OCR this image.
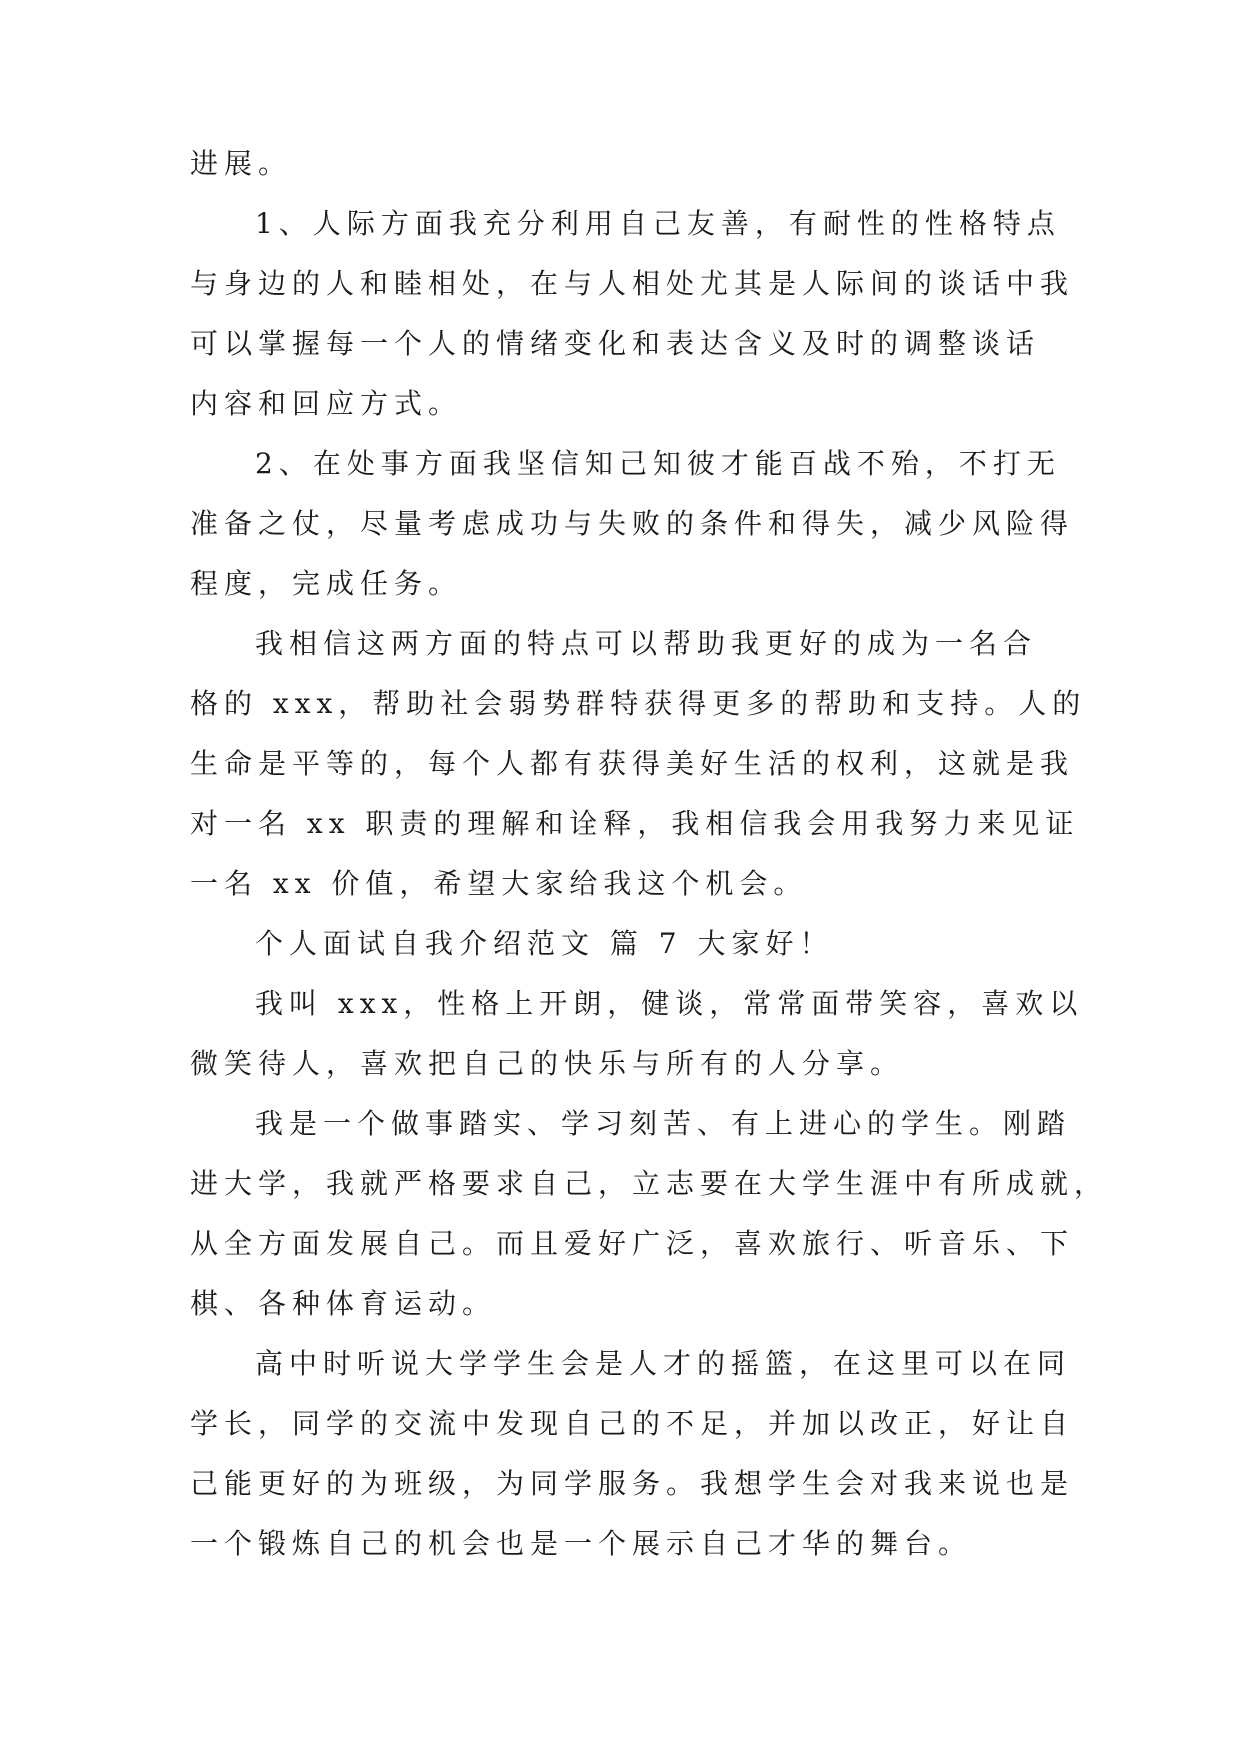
进展。
1、人际方面我充分利用自己友善，有耐性的性格特点
与身边的人和睦相处，在与人相处尤其是人际间的谈话中我
可以掌握每一个人的情绪变化和表达含义及时的调整谈话
内容和回应方式。
2、在处事方面我坚信知己知彼才能百战不殆，不打无
准备之仗，尽量考虑成功与失败的条件和得失，减少风险得
程度，完成任务。
我相信这两方面的特点可以帮助我更好的成为一名合
格的 xxx，帮助社会弱势群特获得更多的帮助和支持。人的
生命是平等的，每个人都有获得美好生活的权利，这就是我
对一名 xx 职责的理解和诠释，我相信我会用我努力来见证
一名 xx 价值，希望大家给我这个机会。
个人面试自我介绍范文 篇 7 大家好！
我叫 xxx，性格上开朗，健谈，常常面带笑容，喜欢以
微笑待人，喜欢把自己的快乐与所有的人分享。
我是一个做事踏实、学习刻苦、有上进心的学生。刚踏
进大学，我就严格要求自己，立志要在大学生涯中有所成就，
从全方面发展自己。而且爱好广泛，喜欢旅行、听音乐、下
棋、各种体育运动。
高中时听说大学学生会是人才的摇篮，在这里可以在同
学长，同学的交流中发现自己的不足，并加以改正，好让自
己能更好的为班级，为同学服务。我想学生会对我来说也是
一个锻炼自己的机会也是一个展示自己才华的舞台。
